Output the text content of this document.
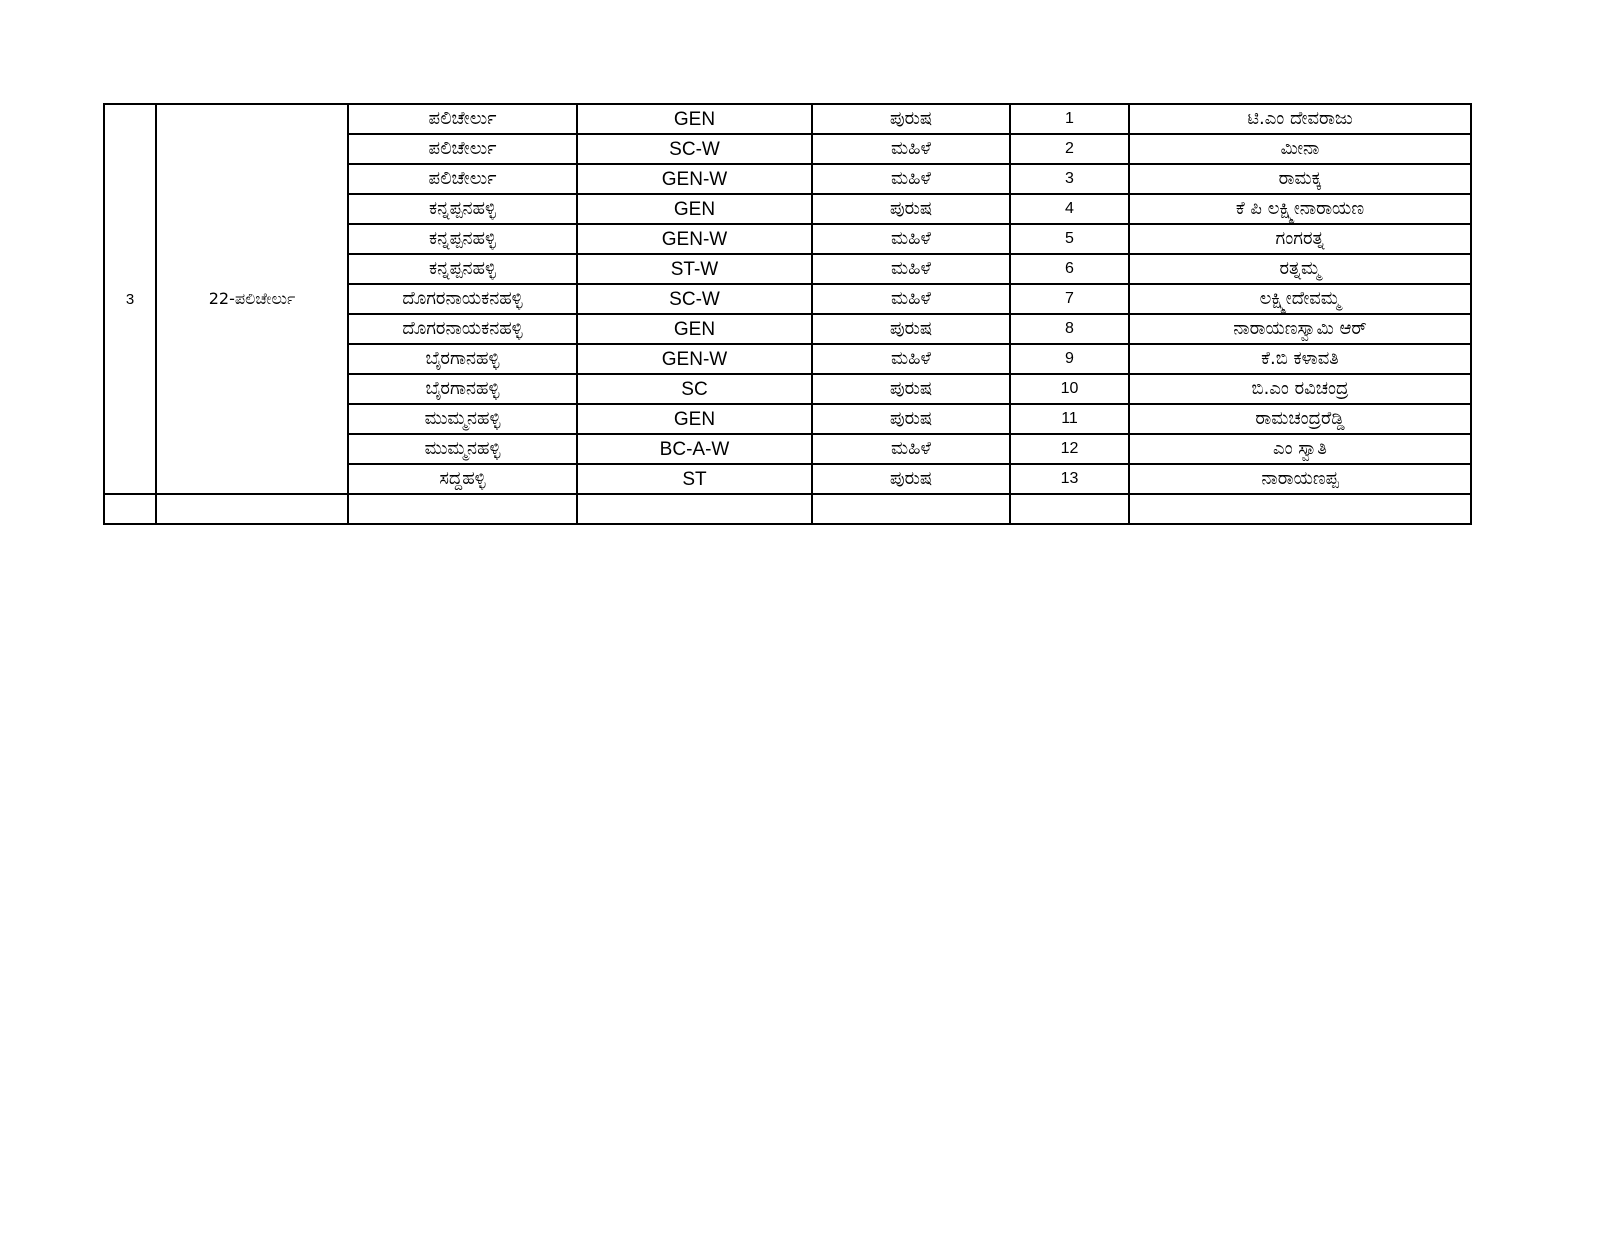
3	22-ಪಲಿಚೇರ್ಲು	ಪಲಿಚೇರ್ಲು	GEN	ಪುರುಷ	1	ಟಿ.ಎಂ ದೇವರಾಜು
		ಪಲಿಚೇರ್ಲು	SC-W	ಮಹಿಳೆ	2	ಮೀನಾ
		ಪಲಿಚೇರ್ಲು	GEN-W	ಮಹಿಳೆ	3	ರಾಮಕ್ಕ
		ಕನ್ನಪ್ಪನಹಳ್ಳಿ	GEN	ಪುರುಷ	4	ಕೆ ಪಿ ಲಕ್ಷ್ಮೀನಾರಾಯಣ
		ಕನ್ನಪ್ಪನಹಳ್ಳಿ	GEN-W	ಮಹಿಳೆ	5	ಗಂಗರತ್ನ
		ಕನ್ನಪ್ಪನಹಳ್ಳಿ	ST-W	ಮಹಿಳೆ	6	ರತ್ನಮ್ಮ
		ದೊಗರನಾಯಕನಹಳ್ಳಿ	SC-W	ಮಹಿಳೆ	7	ಲಕ್ಷ್ಮೀದೇವಮ್ಮ
		ದೊಗರನಾಯಕನಹಳ್ಳಿ	GEN	ಪುರುಷ	8	ನಾರಾಯಣಸ್ವಾಮಿ ಆರ್
		ಬೈರಗಾನಹಳ್ಳಿ	GEN-W	ಮಹಿಳೆ	9	ಕೆ.ಬಿ ಕಳಾವತಿ
		ಬೈರಗಾನಹಳ್ಳಿ	SC	ಪುರುಷ	10	ಬಿ.ಎಂ ರವಿಚಂದ್ರ
		ಮುಮ್ಮನಹಳ್ಳಿ	GEN	ಪುರುಷ	11	ರಾಮಚಂದ್ರರೆಡ್ಡಿ
		ಮುಮ್ಮನಹಳ್ಳಿ	BC-A-W	ಮಹಿಳೆ	12	ಎಂ ಸ್ವಾತಿ
		ಸದ್ದಹಳ್ಳಿ	ST	ಪುರುಷ	13	ನಾರಾಯಣಪ್ಪ
